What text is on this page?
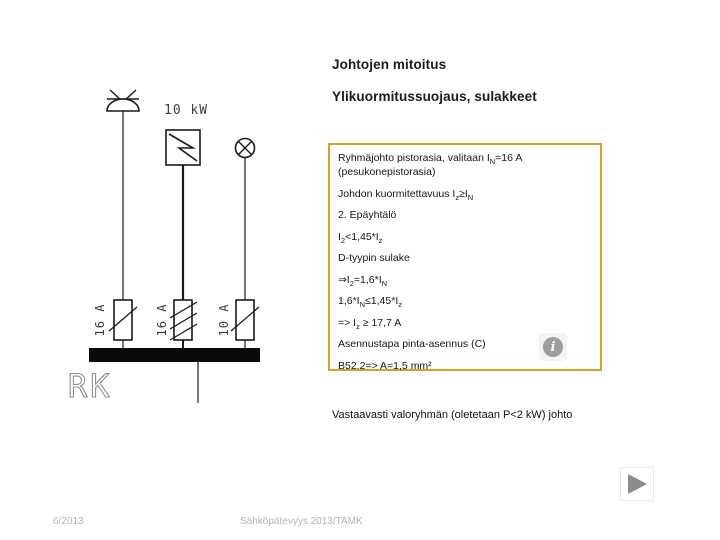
10 kW
16 A	16 A	10 A
RK
Johtojen mitoitus
Ylikuormitussuojaus, sulakkeet
Ryhmäjohto pistorasia, valitaan $I_N=16$ A
(pesukonepistorasia)
Johdon kuormitettavuus $I_z\ge I_N$
2. Epäyhtälö
$I_2<1,45*I_z$
D-tyypin sulake
$\Rightarrow I_2=1,6*I_N$
$1,6*I_N\le 1,45*I_z$
=> $I_z \ge 17,7$ A
Asennustapa pinta-asennus (C)
B52.2=> A=1,5 mm²
i
Vastaavasti valoryhmän (oletetaan P<2 kW) johto
6/2013	Sähköpätevyys 2013/TAMK
